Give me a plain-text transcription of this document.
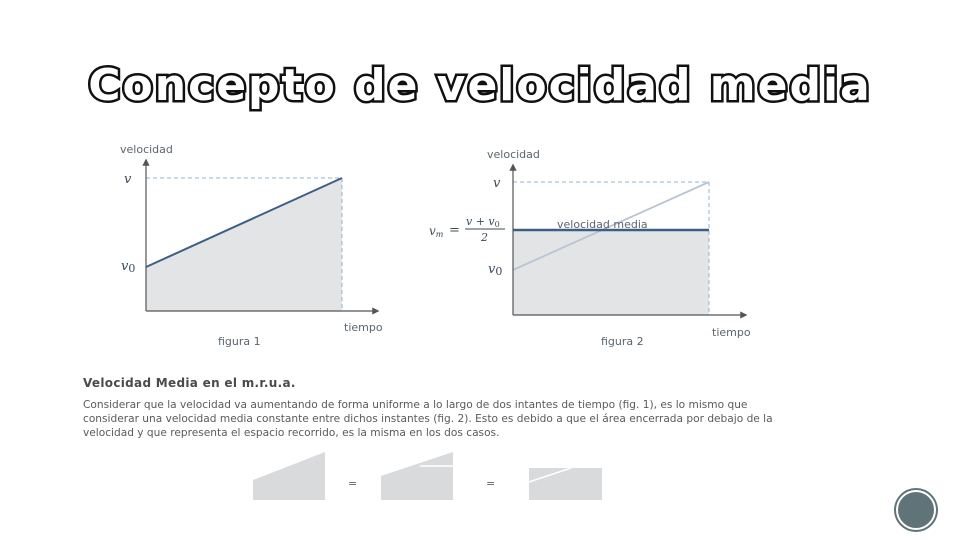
Concepto de velocidad media
velocidad
tiempo
v
v0
figura 1
velocidad
tiempo
velocidad media
v
v0
vm =
v + v0
2
figura 2
=	=
Velocidad Media en el m.r.u.a.
Considerar que la velocidad va aumentando de forma uniforme a lo largo de dos intantes de tiempo (fig. 1), es lo mismo que considerar una velocidad media constante entre dichos instantes (fig. 2). Esto es debido a que el área encerrada por debajo de la velocidad y que representa el espacio recorrido, es la misma en los dos casos.
